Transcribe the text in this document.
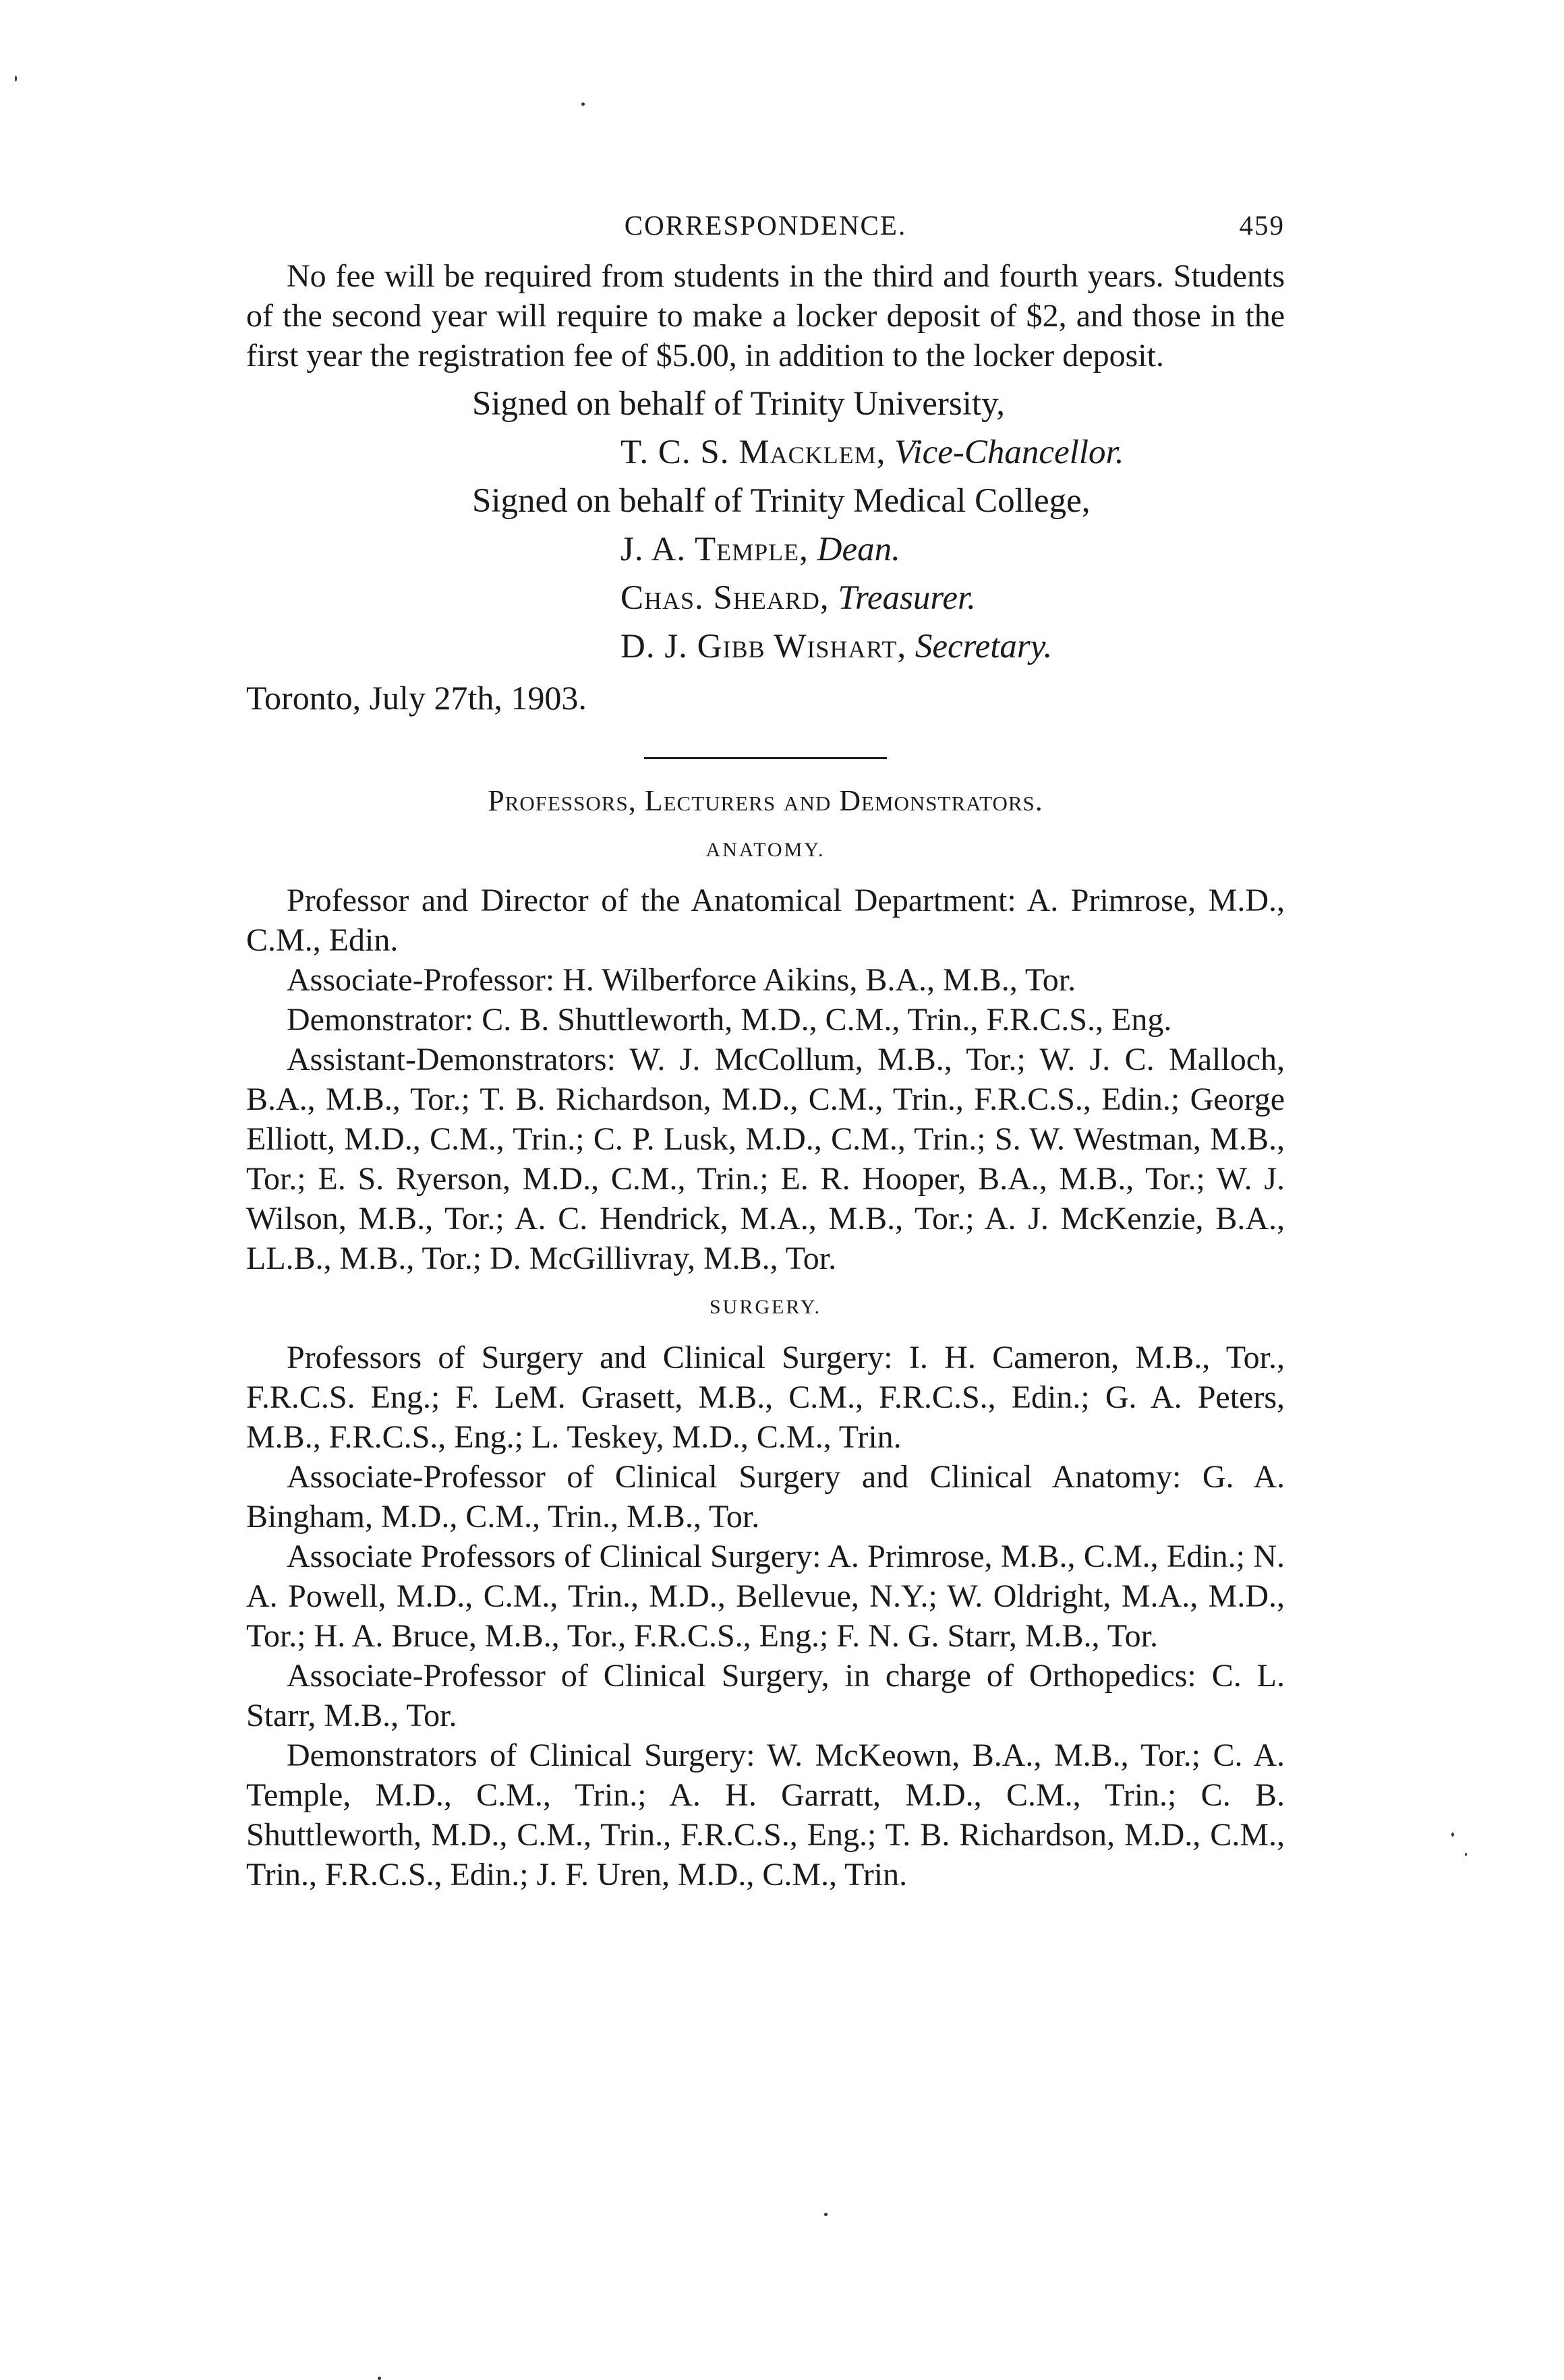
CORRESPONDENCE.	459

No fee will be required from students in the third and fourth years. Students of the second year will require to make a locker deposit of $2, and those in the first year the registration fee of $5.00, in addition to the locker deposit.

Signed on behalf of Trinity University,
T. C. S. Macklem, Vice-Chancellor.
Signed on behalf of Trinity Medical College,
J. A. Temple, Dean.
Chas. Sheard, Treasurer.
D. J. Gibb Wishart, Secretary.
Toronto, July 27th, 1903.
Professors, Lecturers and Demonstrators.
ANATOMY.

Professor and Director of the Anatomical Department: A. Primrose, M.D., C.M., Edin.

Associate-Professor: H. Wilberforce Aikins, B.A., M.B., Tor.

Demonstrator: C. B. Shuttleworth, M.D., C.M., Trin., F.R.C.S., Eng.

Assistant-Demonstrators: W. J. McCollum, M.B., Tor.; W. J. C. Malloch, B.A., M.B., Tor.; T. B. Richardson, M.D., C.M., Trin., F.R.C.S., Edin.; George Elliott, M.D., C.M., Trin.; C. P. Lusk, M.D., C.M., Trin.; S. W. Westman, M.B., Tor.; E. S. Ryerson, M.D., C.M., Trin.; E. R. Hooper, B.A., M.B., Tor.; W. J. Wilson, M.B., Tor.; A. C. Hendrick, M.A., M.B., Tor.; A. J. McKenzie, B.A., LL.B., M.B., Tor.; D. McGillivray, M.B., Tor.

SURGERY.

Professors of Surgery and Clinical Surgery: I. H. Cameron, M.B., Tor., F.R.C.S. Eng.; F. LeM. Grasett, M.B., C.M., F.R.C.S., Edin.; G. A. Peters, M.B., F.R.C.S., Eng.; L. Teskey, M.D., C.M., Trin.

Associate-Professor of Clinical Surgery and Clinical Anatomy: G. A. Bingham, M.D., C.M., Trin., M.B., Tor.

Associate Professors of Clinical Surgery: A. Primrose, M.B., C.M., Edin.; N. A. Powell, M.D., C.M., Trin., M.D., Bellevue, N.Y.; W. Oldright, M.A., M.D., Tor.; H. A. Bruce, M.B., Tor., F.R.C.S., Eng.; F. N. G. Starr, M.B., Tor.

Associate-Professor of Clinical Surgery, in charge of Orthopedics: C. L. Starr, M.B., Tor.

Demonstrators of Clinical Surgery: W. McKeown, B.A., M.B., Tor.; C. A. Temple, M.D., C.M., Trin.; A. H. Garratt, M.D., C.M., Trin.; C. B. Shuttleworth, M.D., C.M., Trin., F.R.C.S., Eng.; T. B. Richardson, M.D., C.M., Trin., F.R.C.S., Edin.; J. F. Uren, M.D., C.M., Trin.
